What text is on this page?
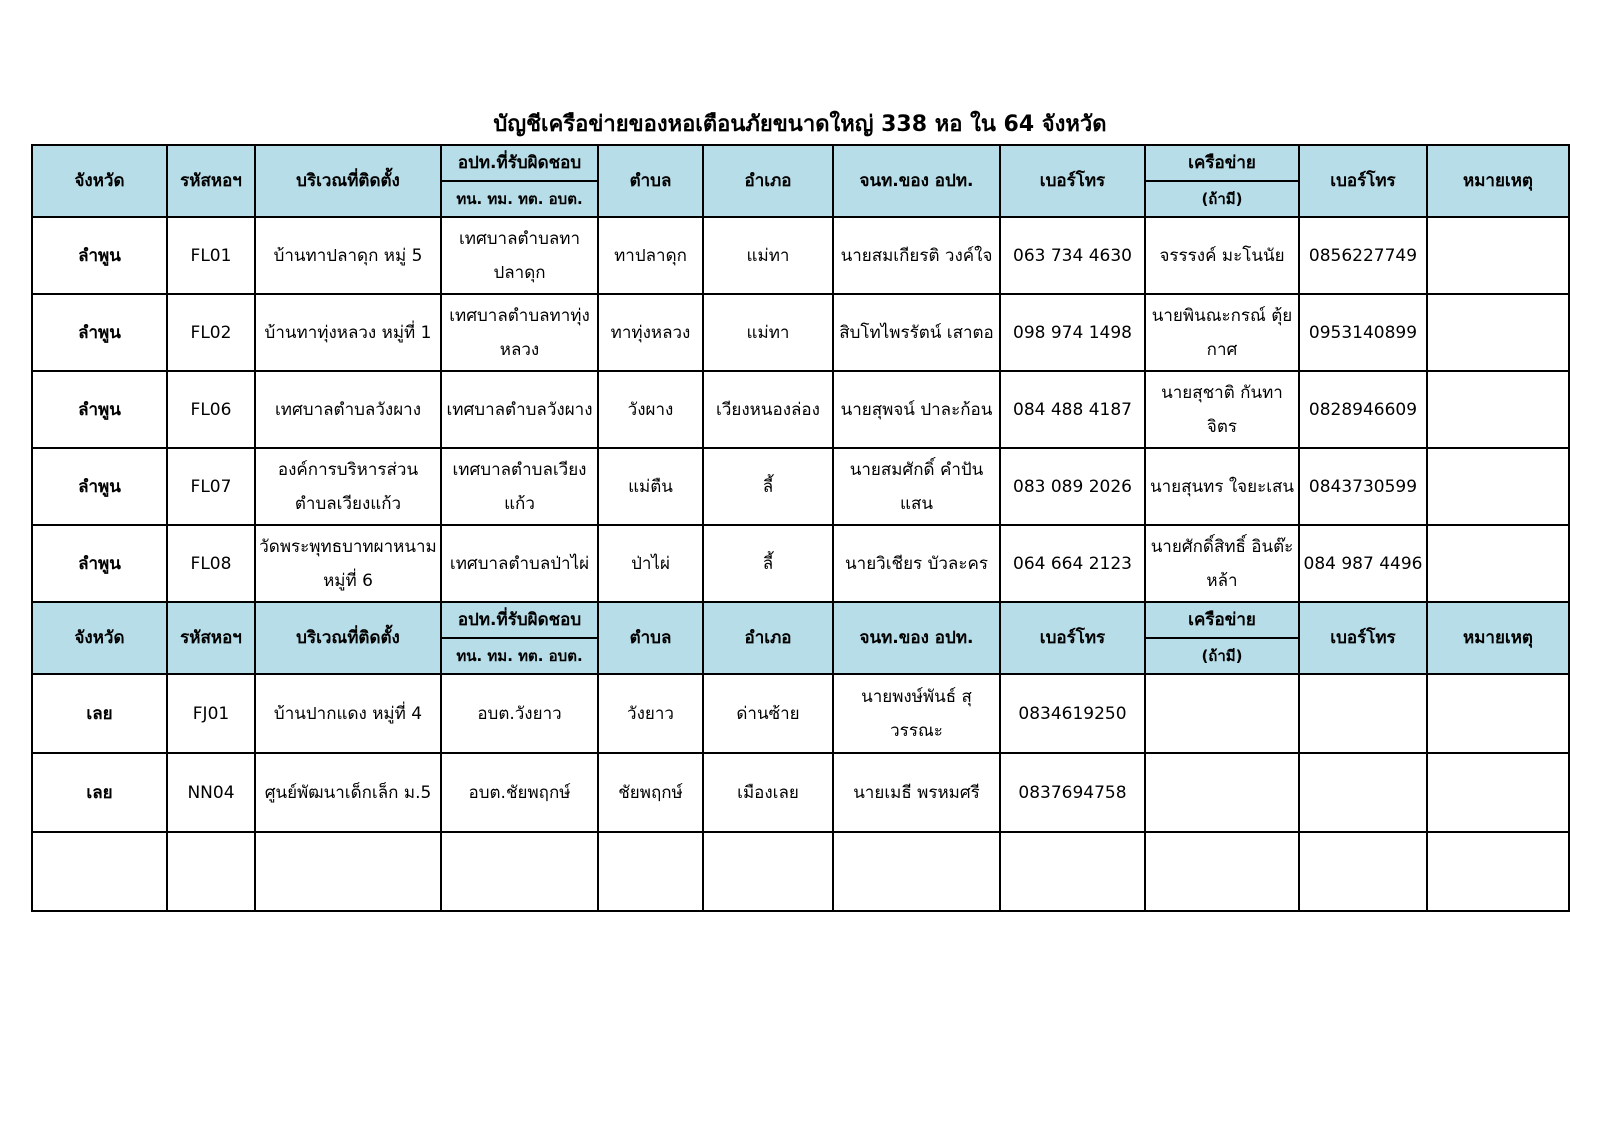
บัญชีเครือข่ายของหอเตือนภัยขนาดใหญ่ 338 หอ ใน 64 จังหวัด
จังหวัด	รหัสหอฯ	บริเวณที่ติดตั้ง	อปท.ที่รับผิดชอบ	ตำบล	อำเภอ	จนท.ของ อปท.	เบอร์โทร	เครือข่าย	เบอร์โทร	หมายเหตุ
			ทน. ทม. ทต. อบต.					(ถ้ามี)		
ลำพูน	FL01	บ้านทาปลาดุก หมู่ 5	เทศบาลตำบลทาปลาดุก	ทาปลาดุก	แม่ทา	นายสมเกียรติ วงค์ใจ	063 734 4630	จรรรงค์ มะโนนัย	0856227749	
ลำพูน	FL02	บ้านทาทุ่งหลวง หมู่ที่ 1	เทศบาลตำบลทาทุ่งหลวง	ทาทุ่งหลวง	แม่ทา	สิบโทไพรรัตน์ เสาตอ	098 974 1498	นายพินณะกรณ์ ตุ้ยกาศ	0953140899	
ลำพูน	FL06	เทศบาลตำบลวังผาง	เทศบาลตำบลวังผาง	วังผาง	เวียงหนองล่อง	นายสุพจน์ ปาละก้อน	084 488 4187	นายสุชาติ กันทาจิตร	0828946609	
ลำพูน	FL07	องค์การบริหารส่วนตำบลเวียงแก้ว	เทศบาลตำบลเวียงแก้ว	แม่ตืน	ลี้	นายสมศักดิ์ คำปันแสน	083 089 2026	นายสุนทร ใจยะเสน	0843730599	
ลำพูน	FL08	วัดพระพุทธบาทผาหนาม หมู่ที่ 6	เทศบาลตำบลป่าไผ่	ป่าไผ่	ลี้	นายวิเชียร บัวละคร	064 664 2123	นายศักดิ์สิทธิ์ อินต๊ะหล้า	084 987 4496	
จังหวัด	รหัสหอฯ	บริเวณที่ติดตั้ง	อปท.ที่รับผิดชอบ	ตำบล	อำเภอ	จนท.ของ อปท.	เบอร์โทร	เครือข่าย	เบอร์โทร	หมายเหตุ
			ทน. ทม. ทต. อบต.					(ถ้ามี)		
เลย	FJ01	บ้านปากแดง หมู่ที่ 4	อบต.วังยาว	วังยาว	ด่านซ้าย	นายพงษ์พันธ์ สุวรรณะ	0834619250			
เลย	NN04	ศูนย์พัฒนาเด็กเล็ก ม.5	อบต.ชัยพฤกษ์	ชัยพฤกษ์	เมืองเลย	นายเมธี พรหมศรี	0837694758			
